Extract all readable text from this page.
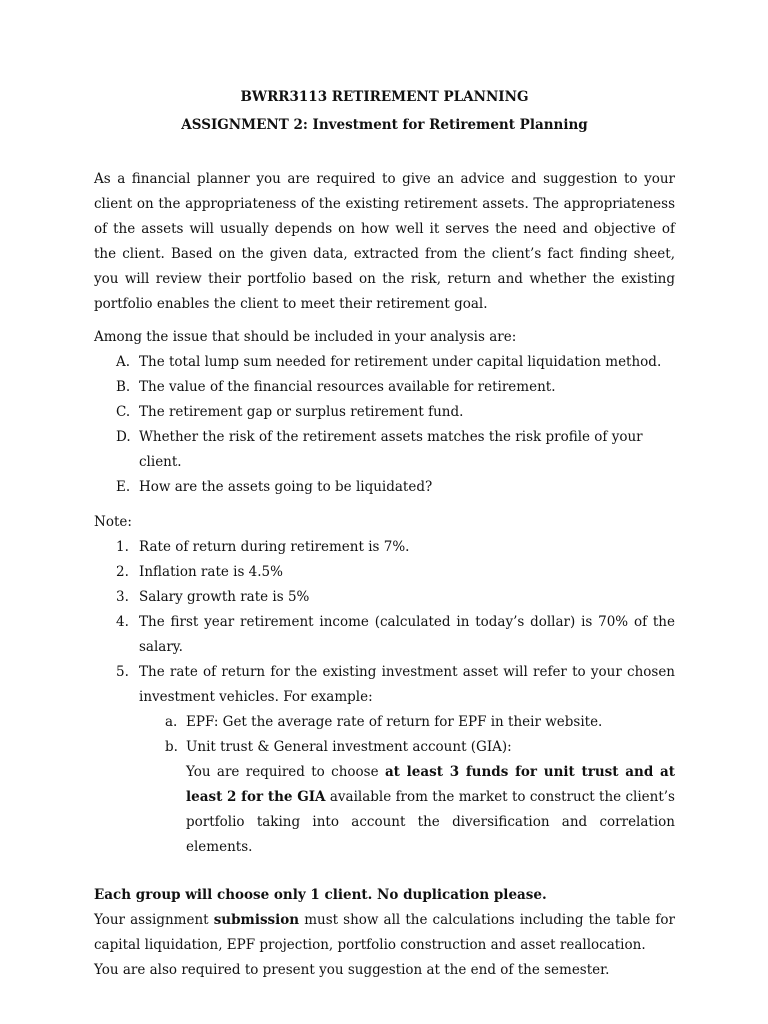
BWRR3113 RETIREMENT PLANNING

ASSIGNMENT 2: Investment for Retirement Planning

As a financial planner you are required to give an advice and suggestion to your client on the appropriateness of the existing retirement assets. The appropriateness of the assets will usually depends on how well it serves the need and objective of the client. Based on the given data, extracted from the client’s fact finding sheet, you will review their portfolio based on the risk, return and whether the existing portfolio enables the client to meet their retirement goal.

Among the issue that should be included in your analysis are:

A. The total lump sum needed for retirement under capital liquidation method.
B. The value of the financial resources available for retirement.
C. The retirement gap or surplus retirement fund.
D. Whether the risk of the retirement assets matches the risk profile of your client.
E. How are the assets going to be liquidated?

Note:

1. Rate of return during retirement is 7%.
2. Inflation rate is 4.5%
3. Salary growth rate is 5%
4. The first year retirement income (calculated in today’s dollar) is 70% of the salary.
5. The rate of return for the existing investment asset will refer to your chosen investment vehicles. For example:
a. EPF: Get the average rate of return for EPF in their website.
b. Unit trust & General investment account (GIA):
You are required to choose at least 3 funds for unit trust and at least 2 for the GIA available from the market to construct the client’s portfolio taking into account the diversification and correlation elements.

Each group will choose only 1 client. No duplication please.

Your assignment submission must show all the calculations including the table for capital liquidation, EPF projection, portfolio construction and asset reallocation.

You are also required to present you suggestion at the end of the semester.
